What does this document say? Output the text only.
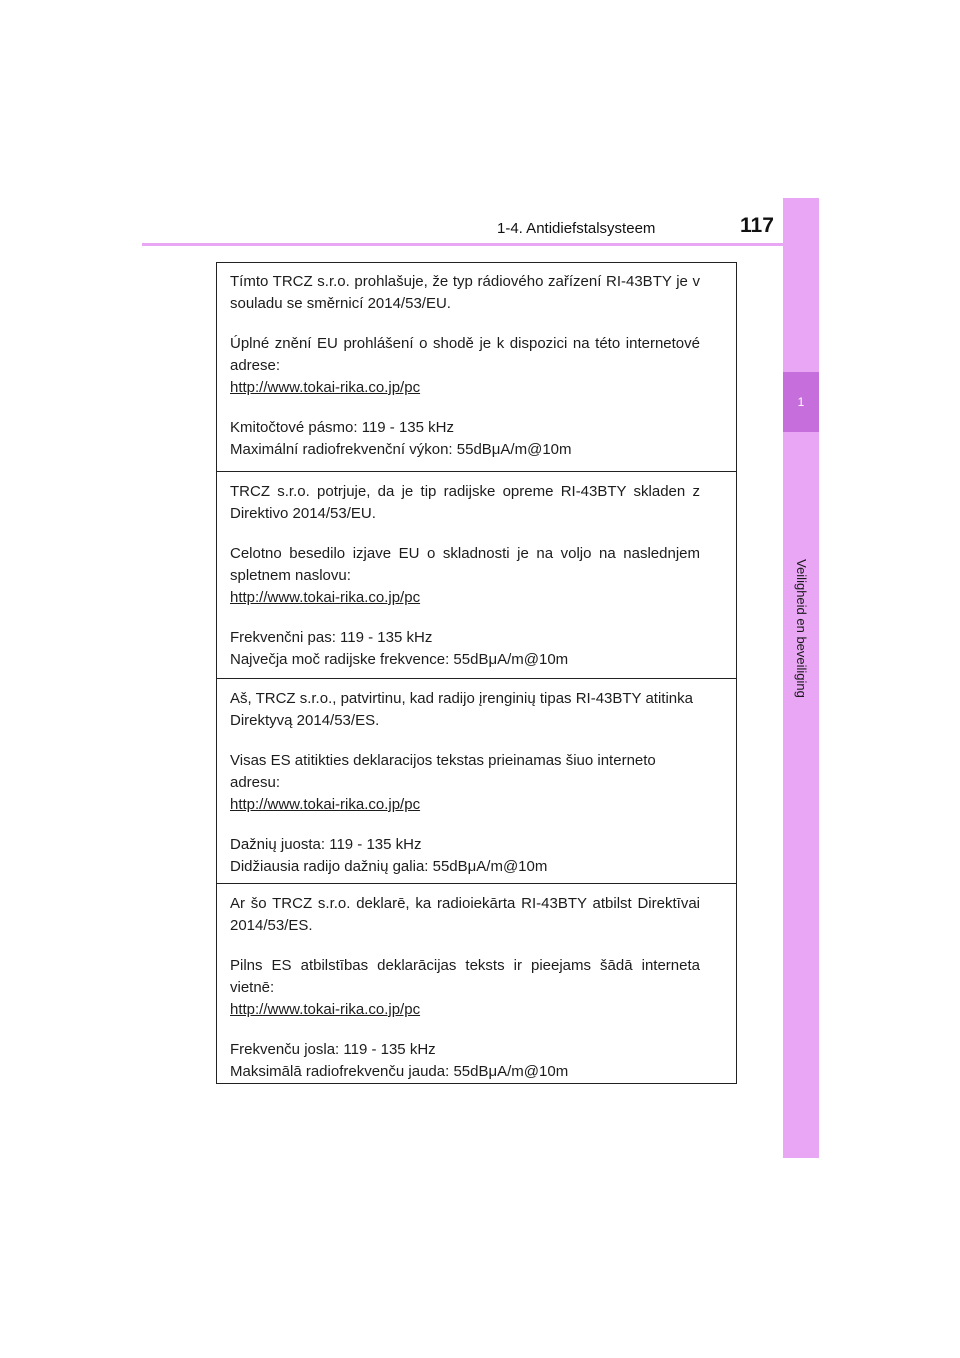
1-4. Antidiefstalsysteem	117
1
Veiligheid en beveiliging

Tímto TRCZ s.r.o. prohlašuje, že typ rádiového zařízení RI-43BTY je v souladu se směrnicí 2014/53/EU.

Úplné znění EU prohlášení o shodě je k dispozici na této internetové adrese:

http://www.tokai-rika.co.jp/pc

Kmitočtové pásmo: 119 - 135 kHz

Maximální radiofrekvenční výkon: 55dBμA/m@10m

TRCZ s.r.o. potrjuje, da je tip radijske opreme RI-43BTY skladen z Direktivo 2014/53/EU.

Celotno besedilo izjave EU o skladnosti je na voljo na naslednjem spletnem naslovu:

http://www.tokai-rika.co.jp/pc

Frekvenčni pas: 119 - 135 kHz

Največja moč radijske frekvence: 55dBμA/m@10m

Aš, TRCZ s.r.o., patvirtinu, kad radijo įrenginių tipas RI-43BTY atitinka Direktyvą 2014/53/ES.

Visas ES atitikties deklaracijos tekstas prieinamas šiuo interneto adresu:

http://www.tokai-rika.co.jp/pc

Dažnių juosta: 119 - 135 kHz

Didžiausia radijo dažnių galia: 55dBμA/m@10m

Ar šo TRCZ s.r.o. deklarē, ka radioiekārta RI-43BTY atbilst Direktīvai 2014/53/ES.

Pilns ES atbilstības deklarācijas teksts ir pieejams šādā interneta vietnē:

http://www.tokai-rika.co.jp/pc

Frekvenču josla: 119 - 135 kHz

Maksimālā radiofrekvenču jauda: 55dBμA/m@10m
